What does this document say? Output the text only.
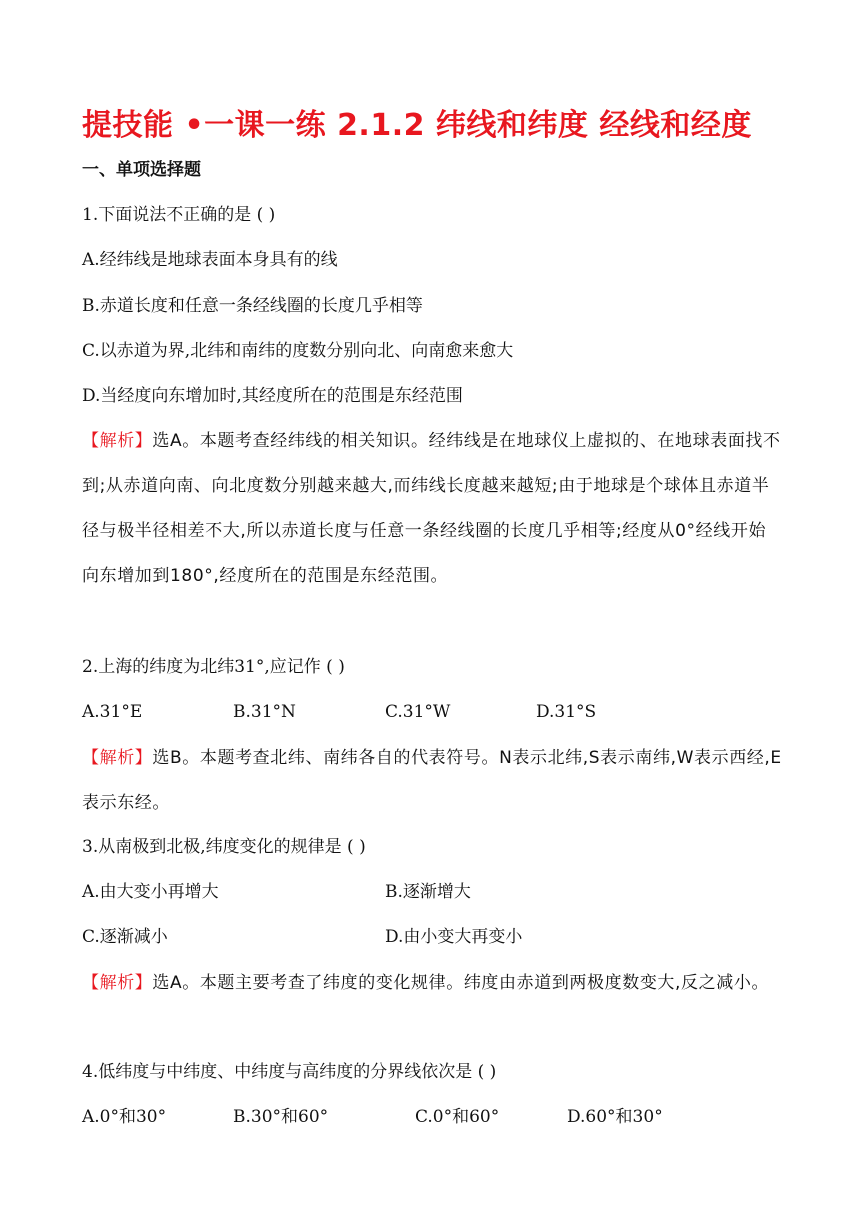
提技能 •一课一练 2.1.2 纬线和纬度 经线和经度
一、单项选择题
1.下面说法不正确的是 ( )
A.经纬线是地球表面本身具有的线
B.赤道长度和任意一条经线圈的长度几乎相等
C.以赤道为界,北纬和南纬的度数分别向北、向南愈来愈大
D.当经度向东增加时,其经度所在的范围是东经范围
【解析】选A。本题考查经纬线的相关知识。经纬线是在地球仪上虚拟的、在地球表面找不到;从赤道向南、向北度数分别越来越大,而纬线长度越来越短;由于地球是个球体且赤道半径与极半径相差不大,所以赤道长度与任意一条经线圈的长度几乎相等;经度从0°经线开始向东增加到180°,经度所在的范围是东经范围。
2.上海的纬度为北纬31°,应记作 ( )
A.31°E	B.31°N	C.31°W	D.31°S
【解析】选B。本题考查北纬、南纬各自的代表符号。N表示北纬,S表示南纬,W表示西经,E表示东经。
3.从南极到北极,纬度变化的规律是 ( )
A.由大变小再增大	B.逐渐增大
C.逐渐减小	D.由小变大再变小
【解析】选A。本题主要考查了纬度的变化规律。纬度由赤道到两极度数变大,反之减小。
4.低纬度与中纬度、中纬度与高纬度的分界线依次是 ( )
A.0°和30°	B.30°和60°	C.0°和60°	D.60°和30°
